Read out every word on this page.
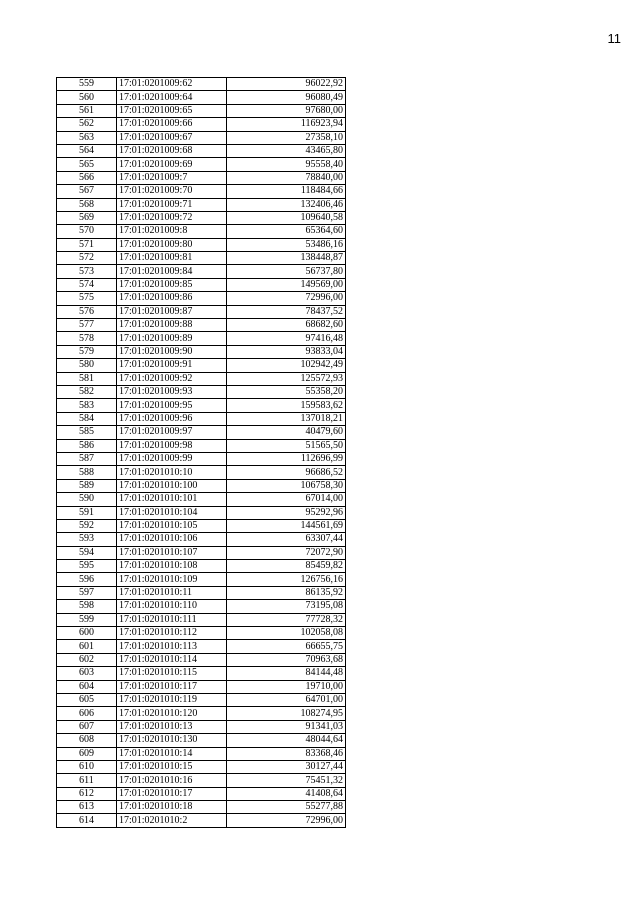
11
559	17:01:0201009:62	96022,92
560	17:01:0201009:64	96080,49
561	17:01:0201009:65	97680,00
562	17:01:0201009:66	116923,94
563	17:01:0201009:67	27358,10
564	17:01:0201009:68	43465,80
565	17:01:0201009:69	95558,40
566	17:01:0201009:7	78840,00
567	17:01:0201009:70	118484,66
568	17:01:0201009:71	132406,46
569	17:01:0201009:72	109640,58
570	17:01:0201009:8	65364,60
571	17:01:0201009:80	53486,16
572	17:01:0201009:81	138448,87
573	17:01:0201009:84	56737,80
574	17:01:0201009:85	149569,00
575	17:01:0201009:86	72996,00
576	17:01:0201009:87	78437,52
577	17:01:0201009:88	68682,60
578	17:01:0201009:89	97416,48
579	17:01:0201009:90	93833,04
580	17:01:0201009:91	102942,49
581	17:01:0201009:92	125572,93
582	17:01:0201009:93	55358,20
583	17:01:0201009:95	159583,62
584	17:01:0201009:96	137018,21
585	17:01:0201009:97	40479,60
586	17:01:0201009:98	51565,50
587	17:01:0201009:99	112696,99
588	17:01:0201010:10	96686,52
589	17:01:0201010:100	106758,30
590	17:01:0201010:101	67014,00
591	17:01:0201010:104	95292,96
592	17:01:0201010:105	144561,69
593	17:01:0201010:106	63307,44
594	17:01:0201010:107	72072,90
595	17:01:0201010:108	85459,82
596	17:01:0201010:109	126756,16
597	17:01:0201010:11	86135,92
598	17:01:0201010:110	73195,08
599	17:01:0201010:111	77728,32
600	17:01:0201010:112	102058,08
601	17:01:0201010:113	66655,75
602	17:01:0201010:114	70963,68
603	17:01:0201010:115	84144,48
604	17:01:0201010:117	19710,00
605	17:01:0201010:119	64701,00
606	17:01:0201010:120	108274,95
607	17:01:0201010:13	91341,03
608	17:01:0201010:130	48044,64
609	17:01:0201010:14	83368,46
610	17:01:0201010:15	30127,44
611	17:01:0201010:16	75451,32
612	17:01:0201010:17	41408,64
613	17:01:0201010:18	55277,88
614	17:01:0201010:2	72996,00
